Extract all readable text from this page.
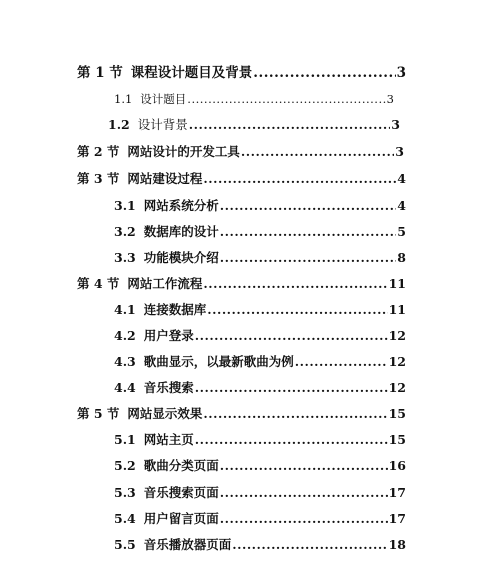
第 1 节 课程设计题目及背景 .....	3
1.1 设计题目 .....	3
1.2 设计背景 .....	3
第 2 节 网站设计的开发工具 .....	3
第 3 节 网站建设过程 .....	4
3.1 网站系统分析 .....	4
3.2 数据库的设计 .....	5
3.3 功能模块介绍 .....	8
第 4 节 网站工作流程 .....	11
4.1 连接数据库 .....	11
4.2 用户登录 .....	12
4.3 歌曲显示，以最新歌曲为例 .....	12
4.4 音乐搜索 .....	12
第 5 节 网站显示效果 .....	15
5.1 网站主页 .....	15
5.2 歌曲分类页面 .....	16
5.3 音乐搜索页面 .....	17
5.4 用户留言页面 .....	17
5.5 音乐播放器页面 .....	18
